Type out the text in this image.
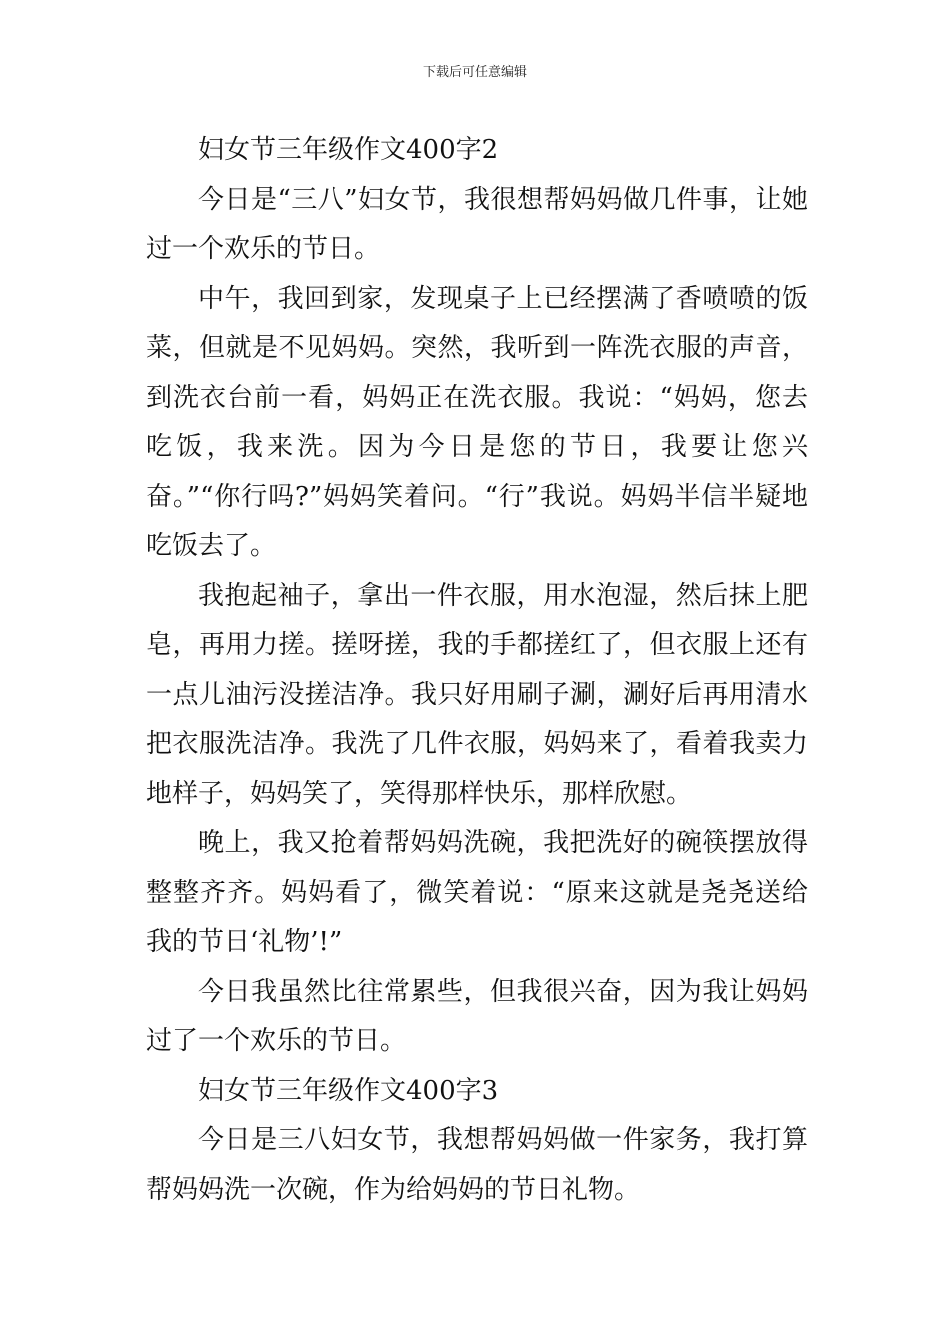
下载后可任意编辑

妇女节三年级作文400字2

今日是“三八”妇女节，我很想帮妈妈做几件事，让她过一个欢乐的节日。

中午，我回到家，发现桌子上已经摆满了香喷喷的饭菜，但就是不见妈妈。突然，我听到一阵洗衣服的声音，到洗衣台前一看，妈妈正在洗衣服。我说：“妈妈，您去吃饭，我来洗。因为今日是您的节日，我要让您兴奋。”“你行吗?”妈妈笑着问。“行”我说。妈妈半信半疑地吃饭去了。

我抱起袖子，拿出一件衣服，用水泡湿，然后抹上肥皂，再用力搓。搓呀搓，我的手都搓红了，但衣服上还有一点儿油污没搓洁净。我只好用刷子涮，涮好后再用清水把衣服洗洁净。我洗了几件衣服，妈妈来了，看着我卖力地样子，妈妈笑了，笑得那样快乐，那样欣慰。

晚上，我又抢着帮妈妈洗碗，我把洗好的碗筷摆放得整整齐齐。妈妈看了，微笑着说：“原来这就是尧尧送给我的节日‘礼物’!”

今日我虽然比往常累些，但我很兴奋，因为我让妈妈过了一个欢乐的节日。

妇女节三年级作文400字3

今日是三八妇女节，我想帮妈妈做一件家务，我打算帮妈妈洗一次碗，作为给妈妈的节日礼物。
